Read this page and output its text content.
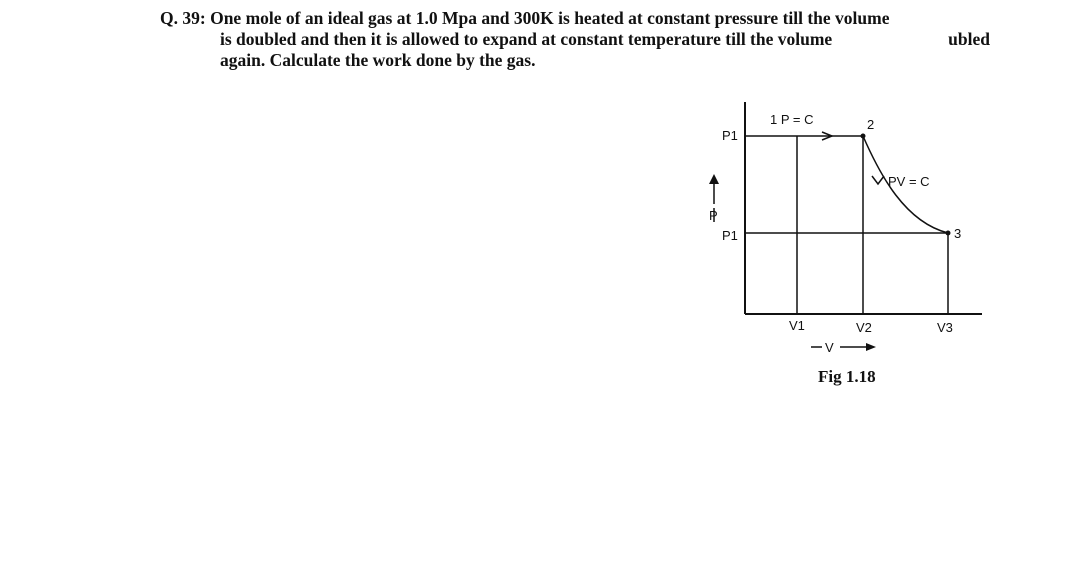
Q. 39: One mole of an ideal gas at 1.0 Mpa and 300K is heated at constant pressure till the volume
is doubled and then it is allowed to expand at constant temperature till the volume	ubled
again. Calculate the work done by the gas.
P1
P
P1
1 P = C	2
PV = C
3
V1	V2	V3
V
Fig 1.18
